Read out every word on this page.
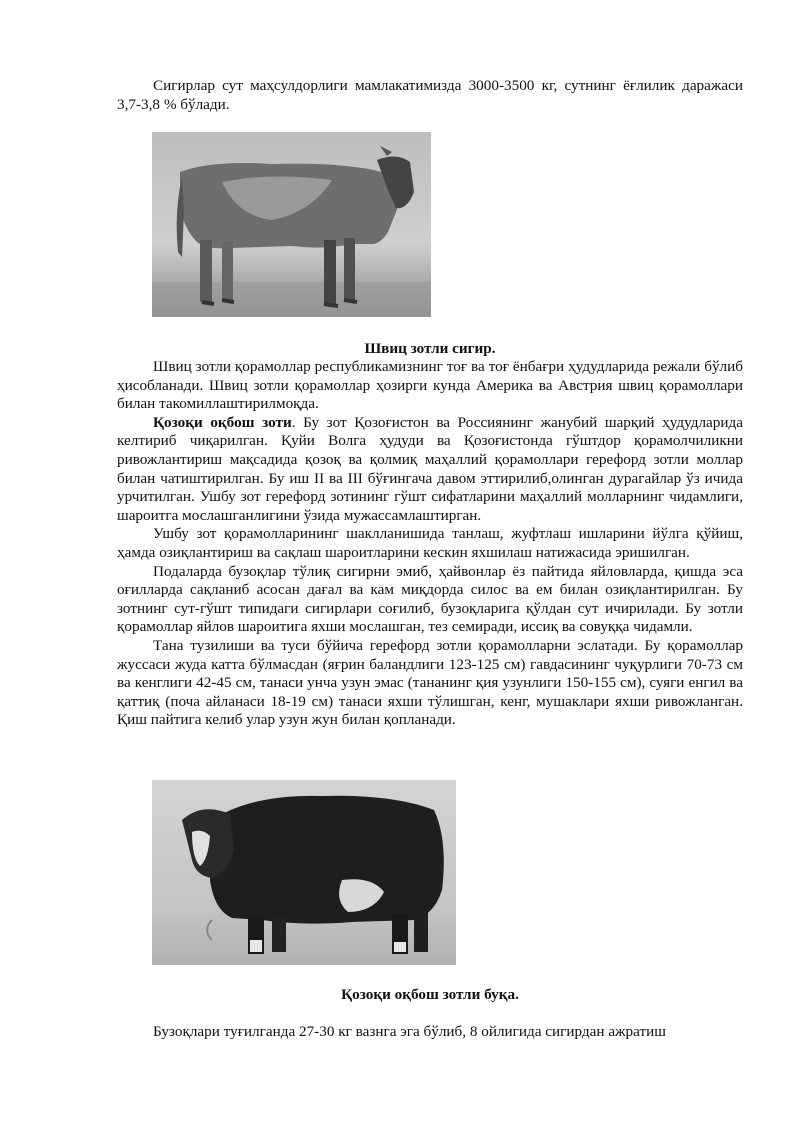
Сигирлар сут маҳсулдорлиги мамлакатимизда 3000-3500 кг, сутнинг ёғлилик даражаси 3,7-3,8 % бўлади.

Швиц зотли сигир.

Швиц зотли қорамоллар республикамизнинг тоғ ва тоғ ёнбағри ҳудудларида режали бўлиб ҳисобланади. Швиц зотли қорамоллар ҳозирги кунда Америка ва Австрия швиц қорамоллари билан такомиллаштирилмоқда.

Қозоқи оқбош зоти. Бу зот Қозоғистон ва Россиянинг жанубий шарқий ҳудудларида келтириб чиқарилган. Қуйи Волга ҳудуди ва Қозоғистонда гўштдор қорамолчиликни ривожлантириш мақсадида қозоқ ва қолмиқ маҳаллий қорамоллари герефорд зотли моллар билан чатиштирилган. Бу иш II ва III бўғингача давом эттирилиб,олинган дурагайлар ўз ичида урчитилган. Ушбу зот герефорд зотининг гўшт сифатларини маҳаллий молларнинг чидамлиги, шароитга мослашганлигини ўзида мужассамлаштирган.

Ушбу зот қорамолларининг шаклланишида танлаш, жуфтлаш ишларини йўлга қўйиш, ҳамда озиқлантириш ва сақлаш шароитларини кескин яхшилаш натижасида эришилган.

Подаларда бузоқлар тўлиқ сигирни эмиб, ҳайвонлар ёз пайтида яйловларда, қишда эса оғилларда сақланиб асосан дағал ва кам миқдорда силос ва ем билан озиқлантирилган. Бу зотнинг сут-гўшт типидаги сигирлари соғилиб, бузоқларига қўлдан сут ичирилади. Бу зотли қорамоллар яйлов шароитига яхши мослашган, тез семиради, иссиқ ва совуққа чидамли.

Тана тузилиши ва туси бўйича герефорд зотли қорамолларни эслатади. Бу қорамоллар жуссаси жуда катта бўлмасдан (яғрин баландлиги 123-125 см) гавдасининг чуқурлиги 70-73 см ва кенглиги 42-45 см, танаси унча узун эмас (тананинг қия узунлиги 150-155 см), суяги енгил ва қаттиқ (поча айланаси 18-19 см) танаси яхши тўлишган, кенг, мушаклари яхши ривожланган. Қиш пайтига келиб улар узун жун билан қопланади.

Қозоқи оқбош зотли буқа.

Бузоқлари туғилганда 27-30 кг вазнга эга бўлиб, 8 ойлигида сигирдан ажратиш
